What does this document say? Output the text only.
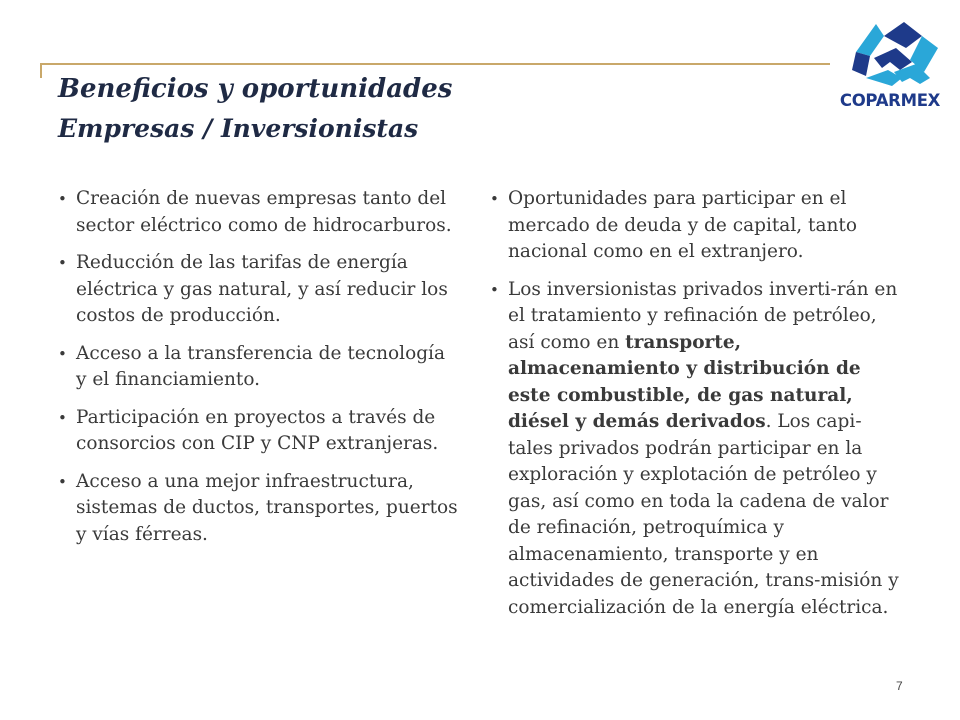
Beneficios y oportunidades
Empresas / Inversionistas
COPARMEX
• Creación de nuevas empresas tanto del sector eléctrico como de hidrocarburos.
• Reducción de las tarifas de energía eléctrica y gas natural, y así reducir los costos de producción.
• Acceso a la transferencia de tecnología y el financiamiento.
• Participación en proyectos a través de consorcios con CIP y CNP extranjeras.
• Acceso a una mejor infraestructura, sistemas de ductos, transportes, puertos y vías férreas.
• Oportunidades para participar en el mercado de deuda y de capital, tanto nacional como en el extranjero.
• Los inversionistas privados inverti-rán en el tratamiento y refinación de petróleo, así como en transporte, almacenamiento y distribución de este combustible, de gas natural, diésel y demás derivados. Los capi-tales privados podrán participar en la exploración y explotación de petróleo y gas, así como en toda la cadena de valor de refinación, petroquímica y almacenamiento, transporte y en actividades de generación, trans-misión y comercialización de la energía eléctrica.
7
